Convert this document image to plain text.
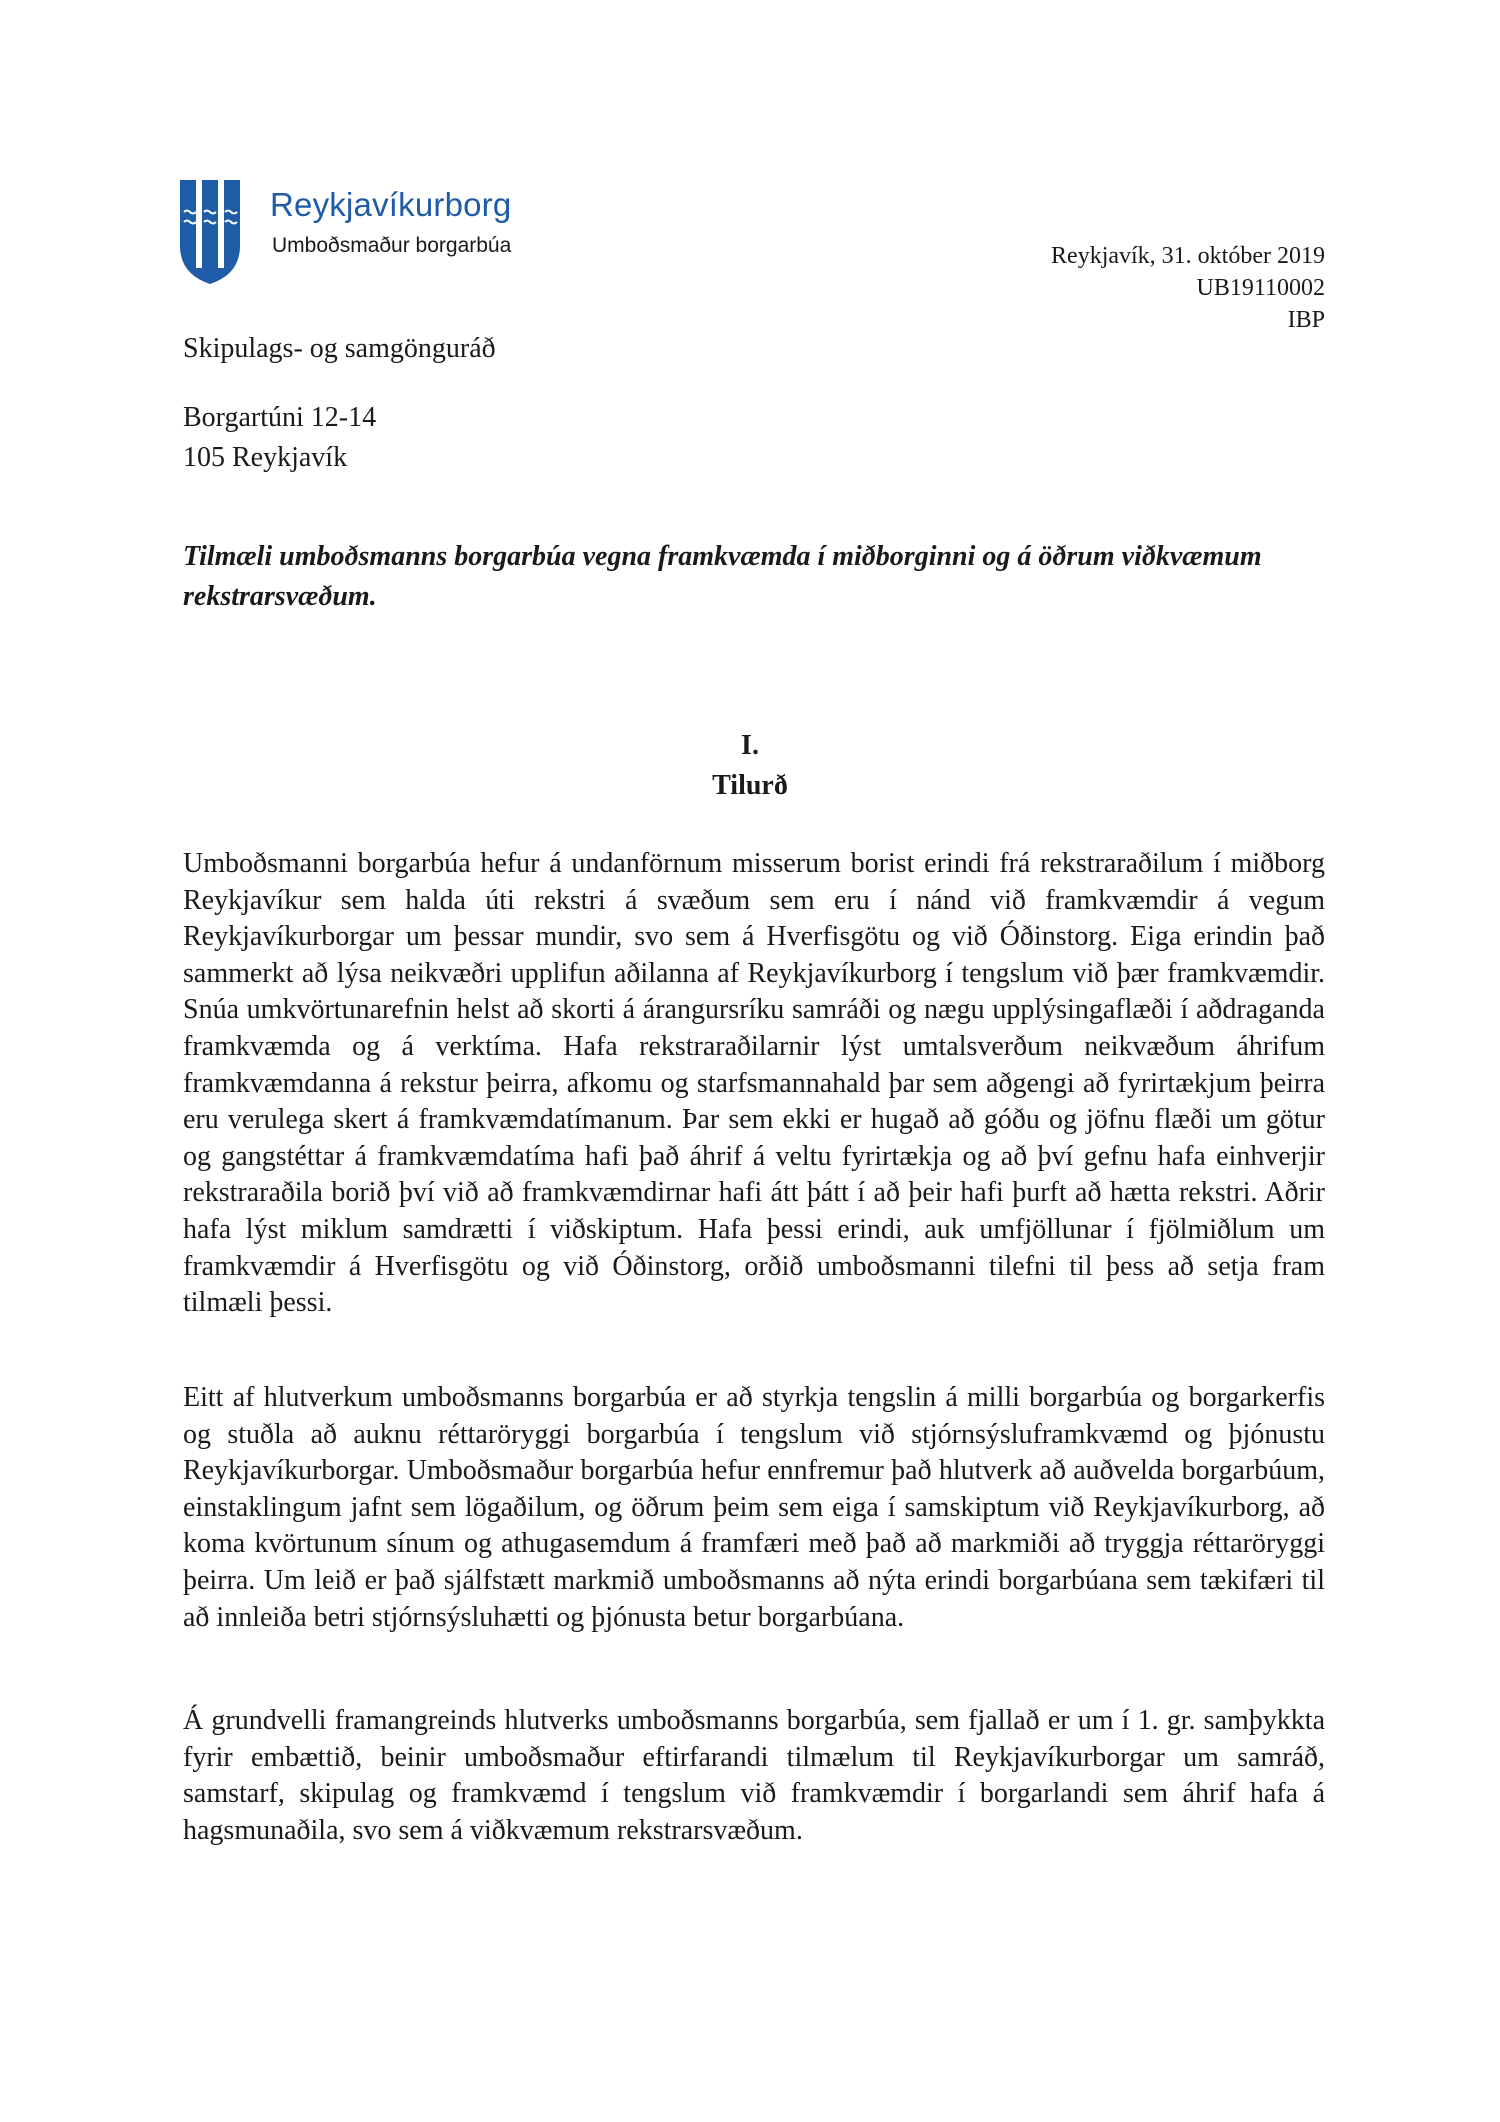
Reykjavíkurborg
Umboðsmaður borgarbúa	Reykjavík, 31. október 2019
UB19110002
IBP
Skipulags- og samgönguráð
Borgartúni 12-14
105 Reykjavík
Tilmæli umboðsmanns borgarbúa vegna framkvæmda í miðborginni og á öðrum viðkvæmum rekstrarsvæðum.
I.
Tilurð

Umboðsmanni borgarbúa hefur á undanförnum misserum borist erindi frá rekstraraðilum í miðborg Reykjavíkur sem halda úti rekstri á svæðum sem eru í nánd við framkvæmdir á vegum Reykjavíkurborgar um þessar mundir, svo sem á Hverfisgötu og við Óðinstorg. Eiga erindin það sammerkt að lýsa neikvæðri upplifun aðilanna af Reykjavíkurborg í tengslum við þær framkvæmdir. Snúa umkvörtunarefnin helst að skorti á árangursríku samráði og nægu upplýsingaflæði í aðdraganda framkvæmda og á verktíma. Hafa rekstraraðilarnir lýst umtalsverðum neikvæðum áhrifum framkvæmdanna á rekstur þeirra, afkomu og starfsmannahald þar sem aðgengi að fyrirtækjum þeirra eru verulega skert á framkvæmdatímanum. Þar sem ekki er hugað að góðu og jöfnu flæði um götur og gangstéttar á framkvæmdatíma hafi það áhrif á veltu fyrirtækja og að því gefnu hafa einhverjir rekstraraðila borið því við að framkvæmdirnar hafi átt þátt í að þeir hafi þurft að hætta rekstri. Aðrir hafa lýst miklum samdrætti í viðskiptum. Hafa þessi erindi, auk umfjöllunar í fjölmiðlum um framkvæmdir á Hverfisgötu og við Óðinstorg, orðið umboðsmanni tilefni til þess að setja fram tilmæli þessi.

Eitt af hlutverkum umboðsmanns borgarbúa er að styrkja tengslin á milli borgarbúa og borgarkerfis og stuðla að auknu réttaröryggi borgarbúa í tengslum við stjórnsýsluframkvæmd og þjónustu Reykjavíkurborgar. Umboðsmaður borgarbúa hefur ennfremur það hlutverk að auðvelda borgarbúum, einstaklingum jafnt sem lögaðilum, og öðrum þeim sem eiga í samskiptum við Reykjavíkurborg, að koma kvörtunum sínum og athugasemdum á framfæri með það að markmiði að tryggja réttaröryggi þeirra. Um leið er það sjálfstætt markmið umboðsmanns að nýta erindi borgarbúana sem tækifæri til að innleiða betri stjórnsýsluhætti og þjónusta betur borgarbúana.

Á grundvelli framangreinds hlutverks umboðsmanns borgarbúa, sem fjallað er um í 1. gr. samþykkta fyrir embættið, beinir umboðsmaður eftirfarandi tilmælum til Reykjavíkurborgar um samráð, samstarf, skipulag og framkvæmd í tengslum við framkvæmdir í borgarlandi sem áhrif hafa á hagsmunaðila, svo sem á viðkvæmum rekstrarsvæðum.
